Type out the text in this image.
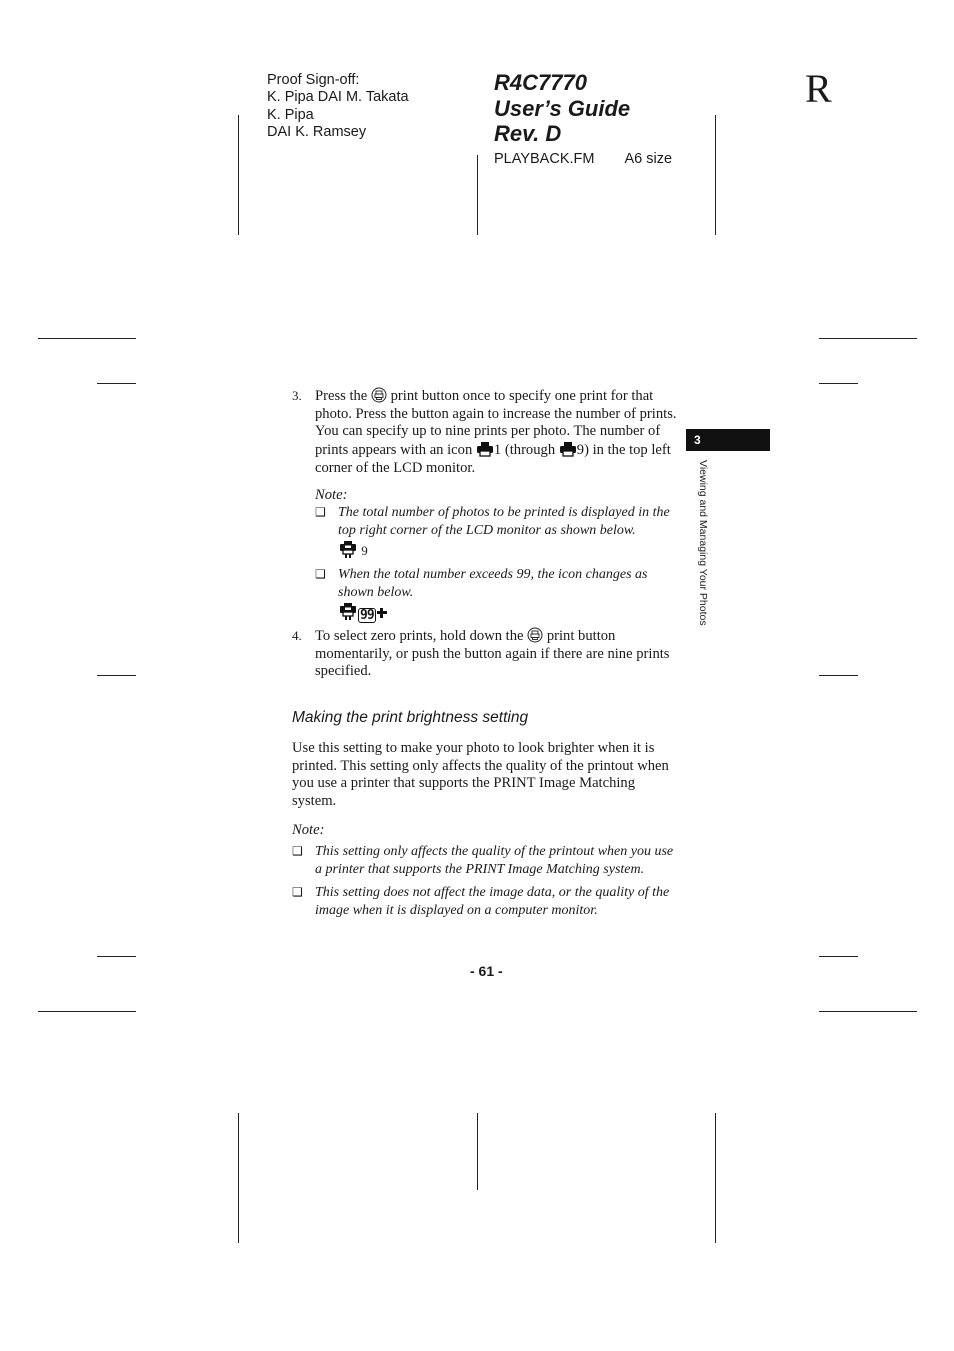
Proof Sign-off:
K. Pipa DAI M. Takata
K. Pipa
DAI K. Ramsey
R4C7770
User’s Guide
Rev. D
PLAYBACK.FM A6 size
R
3
Viewing and Managing Your Photos
3. Press the print button once to specify one print for that photo. Press the button again to increase the number of prints. You can specify up to nine prints per photo. The number of prints appears with an icon 1 (through 9) in the top left corner of the LCD monitor.
Note:
❑ The total number of photos to be printed is displayed in the top right corner of the LCD monitor as shown below.
9
❑ When the total number exceeds 99, the icon changes as shown below.
99
4. To select zero prints, hold down the print button momentarily, or push the button again if there are nine prints specified.
Making the print brightness setting
Use this setting to make your photo to look brighter when it is printed. This setting only affects the quality of the printout when you use a printer that supports the PRINT Image Matching system.
Note:
❑ This setting only affects the quality of the printout when you use a printer that supports the PRINT Image Matching system.
❑ This setting does not affect the image data, or the quality of the image when it is displayed on a computer monitor.
- 61 -
